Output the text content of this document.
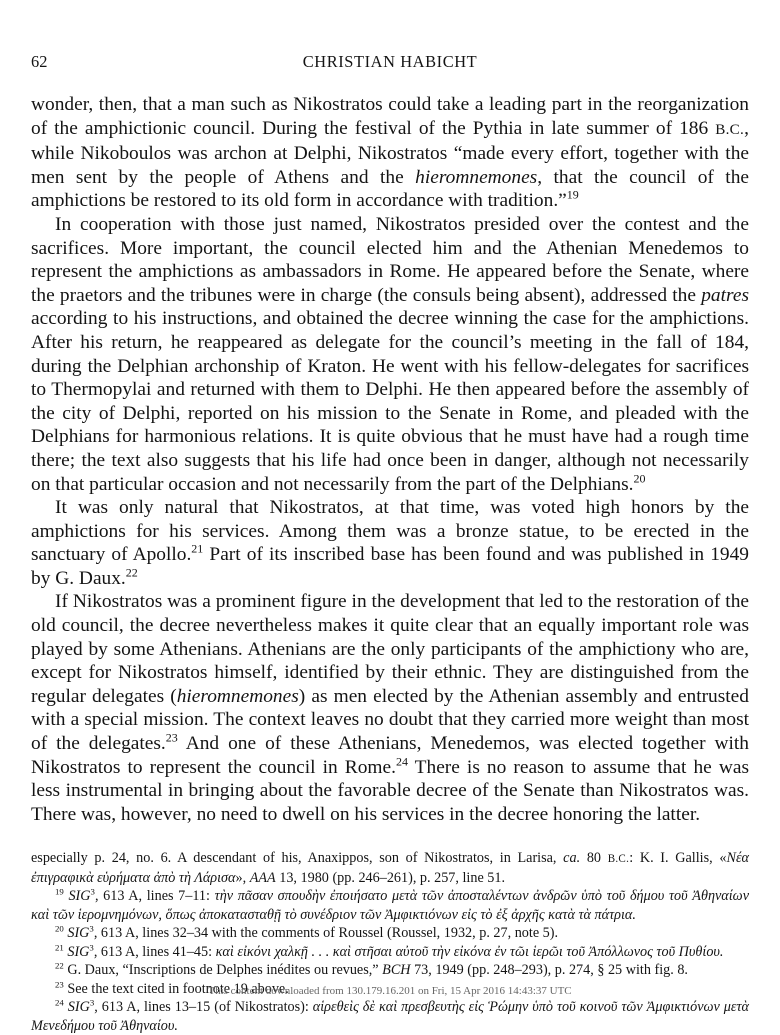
62	CHRISTIAN HABICHT

wonder, then, that a man such as Nikostratos could take a leading part in the reorganization of the amphictionic council. During the festival of the Pythia in late summer of 186 B.C., while Nikoboulos was archon at Delphi, Nikostratos “made every effort, together with the men sent by the people of Athens and the hieromnemones, that the council of the amphictions be restored to its old form in accordance with tradition.”$^{19}$

In cooperation with those just named, Nikostratos presided over the contest and the sacrifices. More important, the council elected him and the Athenian Menedemos to represent the amphictions as ambassadors in Rome. He appeared before the Senate, where the praetors and the tribunes were in charge (the consuls being absent), addressed the patres according to his instructions, and obtained the decree winning the case for the amphictions. After his return, he reappeared as delegate for the council’s meeting in the fall of 184, during the Delphian archonship of Kraton. He went with his fellow-delegates for sacrifices to Thermopylai and returned with them to Delphi. He then appeared before the assembly of the city of Delphi, reported on his mission to the Senate in Rome, and pleaded with the Delphians for harmonious relations. It is quite obvious that he must have had a rough time there; the text also suggests that his life had once been in danger, although not necessarily on that particular occasion and not necessarily from the part of the Delphians.$^{20}$

It was only natural that Nikostratos, at that time, was voted high honors by the amphictions for his services. Among them was a bronze statue, to be erected in the sanctuary of Apollo.$^{21}$ Part of its inscribed base has been found and was published in 1949 by G. Daux.$^{22}$

If Nikostratos was a prominent figure in the development that led to the restoration of the old council, the decree nevertheless makes it quite clear that an equally important role was played by some Athenians. Athenians are the only participants of the amphictiony who are, except for Nikostratos himself, identified by their ethnic. They are distinguished from the regular delegates (hieromnemones) as men elected by the Athenian assembly and entrusted with a special mission. The context leaves no doubt that they carried more weight than most of the delegates.$^{23}$ And one of these Athenians, Menedemos, was elected together with Nikostratos to represent the council in Rome.$^{24}$ There is no reason to assume that he was less instrumental in bringing about the favorable decree of the Senate than Nikostratos was. There was, however, no need to dwell on his services in the decree honoring the latter.

especially p. 24, no. 6. A descendant of his, Anaxippos, son of Nikostratos, in Larisa, ca. 80 B.C.: K. I. Gallis, «Νέα ἐπιγραφικὰ εὑρήματα ἀπὸ τὴ Λάρισα», AAA 13, 1980 (pp. 246–261), p. 257, line 51.

$^{19}$ SIG$^3$, 613 A, lines 7–11: τὴν πᾶσαν σπουδὴν ἐποιήσατο μετὰ τῶν ἀποσταλέντων ἀνδρῶν ὑπὸ τοῦ δήμου τοῦ Ἀθηναίων καὶ τῶν ἱερομνημόνων, ὅπως ἀποκατασταθῇ τὸ συνέδριον τῶν Ἀμφικτιόνων εἰς τὸ ἐξ ἀρχῆς κατὰ τὰ πάτρια.

$^{20}$ SIG$^3$, 613 A, lines 32–34 with the comments of Roussel (Roussel, 1932, p. 27, note 5).

$^{21}$ SIG$^3$, 613 A, lines 41–45: καὶ εἰκόνι χαλκῇ . . . καὶ στῆσαι αὐτοῦ τὴν εἰκόνα ἐν τῶι ἱερῶι τοῦ Ἀπόλλωνος τοῦ Πυθίου.

$^{22}$ G. Daux, “Inscriptions de Delphes inédites ou revues,” BCH 73, 1949 (pp. 248–293), p. 274, § 25 with fig. 8.

$^{23}$ See the text cited in footnote 19 above.

$^{24}$ SIG$^3$, 613 A, lines 13–15 (of Nikostratos): αἱρεθεὶς δὲ καὶ πρεσβευτὴς εἰς Ῥώμην ὑπὸ τοῦ κοινοῦ τῶν Ἀμφικτιόνων μετὰ Μενεδήμου τοῦ Ἀθηναίου.

This content downloaded from 130.179.16.201 on Fri, 15 Apr 2016 14:43:37 UTC
